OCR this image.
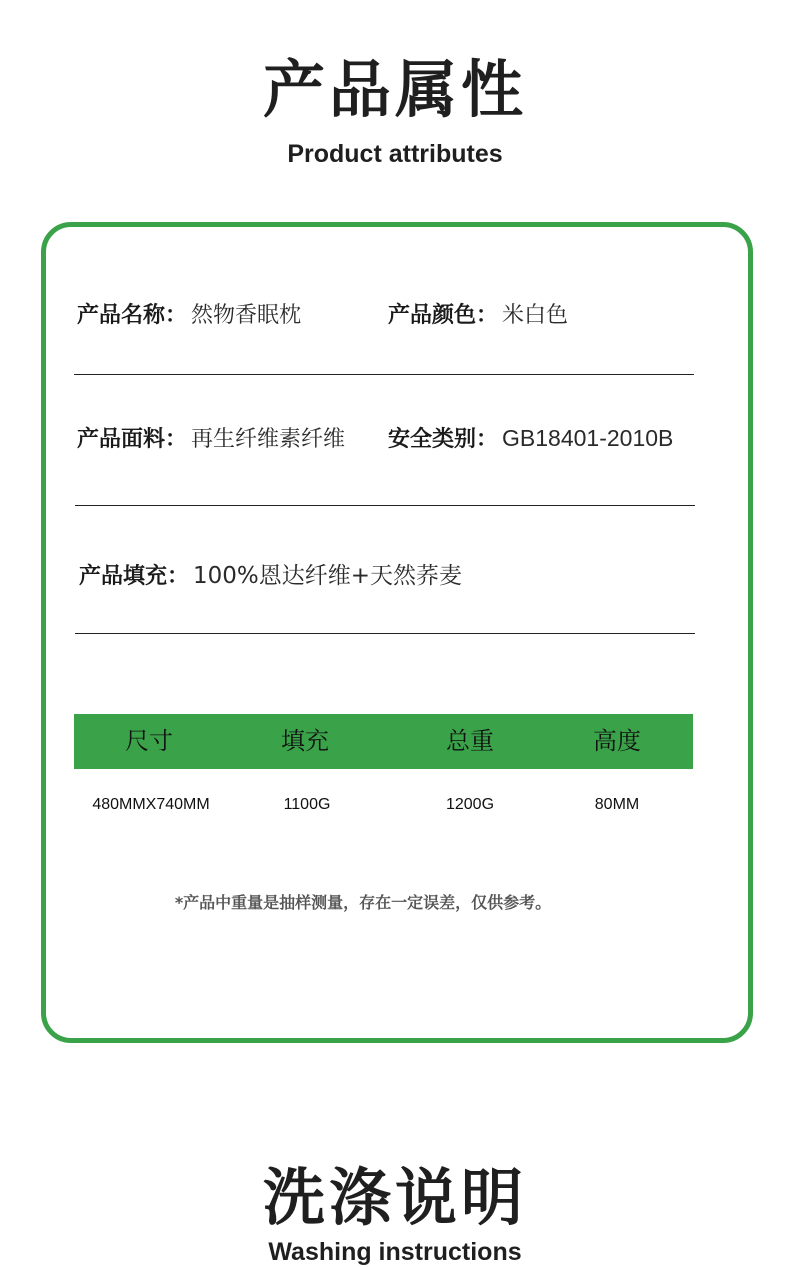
产品属性
Product attributes
产品名称： 然物香眠枕	产品颜色： 米白色
产品面料： 再生纤维素纤维 安全类别： GB18401-2010B
产品填充： 100%恩达纤维+天然荞麦
尺寸	填充	总重	高度
480MMX740MM	1100G	1200G	80MM
*产品中重量是抽样测量，存在一定误差，仅供参考。
洗涤说明
Washing instructions
